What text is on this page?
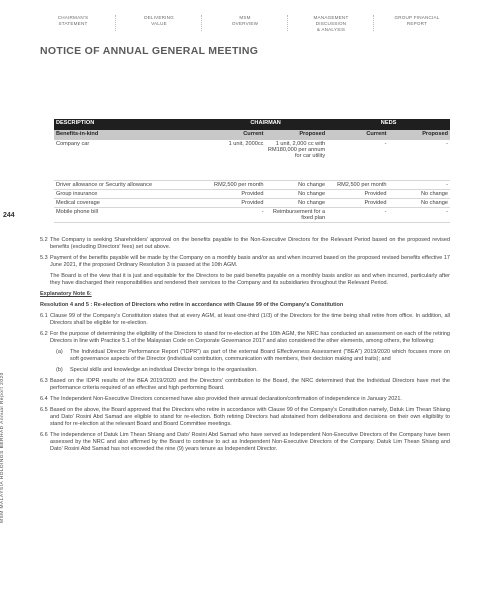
CHAIRMAN'S
STATEMENT
DELIVERING
VALUE
MSM
OVERVIEW
MANAGEMENT DISCUSSION
& ANALYSIS
GROUP FINANCIAL
REPORT
NOTICE OF ANNUAL GENERAL MEETING
244
MSM MALAYSIA HOLDINGS BERHAD Annual Report 2020
DESCRIPTION	CHAIRMAN		NEDS	
Benefits-in-kind	Current	Proposed	Current	Proposed
Company car	1 unit, 2000cc	1 unit, 2,000 cc with RM180,000 per annum for car utility	-	-
Driver allowance or Security allowance	RM2,500 per month	No change	RM2,500 per month	-
Group insurance	Provided	No change	Provided	No change
Medical coverage	Provided	No change	Provided	No change
Mobile phone bill	-	Reimbursement for a fixed plan	-	-
5.2 The Company is seeking Shareholders' approval on the benefits payable to the Non-Executive Directors for the Relevant Period based on the proposed revised benefits (excluding Directors' fees) set out above.
5.3 Payment of the benefits payable will be made by the Company on a monthly basis and/or as and when incurred based on the proposed revised benefits effective 17 June 2021, if the proposed Ordinary Resolution 3 is passed at the 10th AGM.
The Board is of the view that it is just and equitable for the Directors to be paid benefits payable on a monthly basis and/or as and when incurred, particularly after they have discharged their responsibilities and rendered their services to the Company and its subsidiaries throughout the Relevant Period.
Explanatory Note 6:
Resolution 4 and 5 : Re-election of Directors who retire in accordance with Clause 99 of the Company's Constitution
6.1 Clause 99 of the Company's Constitution states that at every AGM, at least one-third (1/3) of the Directors for the time being shall retire from office. In addition, all Directors shall be eligible for re-election.
6.2 For the purpose of determining the eligibility of the Directors to stand for re-election at the 10th AGM, the NRC has conducted an assessment on each of the retiring Directors in line with Practice 5.1 of the Malaysian Code on Corporate Governance 2017 and also considered the other elements, among others, the following:
(a)	The Individual Director Performance Report ("IDPR") as part of the external Board Effectiveness Assessment ("BEA") 2019/2020 which focuses more on soft governance aspects of the Director (individual contribution, communication with members, their decision making and traits); and
(b)	Special skills and knowledge an individual Director brings to the organisation.
6.3 Based on the IDPR results of the BEA 2019/2020 and the Directors' contribution to the Board, the NRC determined that the Individual Directors have met the performance criteria required of an effective and high performing Board.
6.4 The Independent Non-Executive Directors concerned have also provided their annual declaration/confirmation of independence in January 2021.
6.5 Based on the above, the Board approved that the Directors who retire in accordance with Clause 99 of the Company's Constitution namely, Datuk Lim Thean Shiang and Dato' Rosini Abd Samad are eligible to stand for re-election. Both retiring Directors had abstained from deliberations and decisions on their own eligibility to stand for re-election at the relevant Board and Board Committee meetings.
6.6 The independence of Datuk Lim Thean Shiang and Dato' Rosini Abd Samad who have served as Independent Non-Executive Directors of the Company have been assessed by the NRC and also affirmed by the Board to continue to act as Independent Non-Executive Directors of the Company. Datuk Lim Thean Shiang and Dato' Rosini Abd Samad has not exceeded the nine (9) years tenure as Independent Director.
